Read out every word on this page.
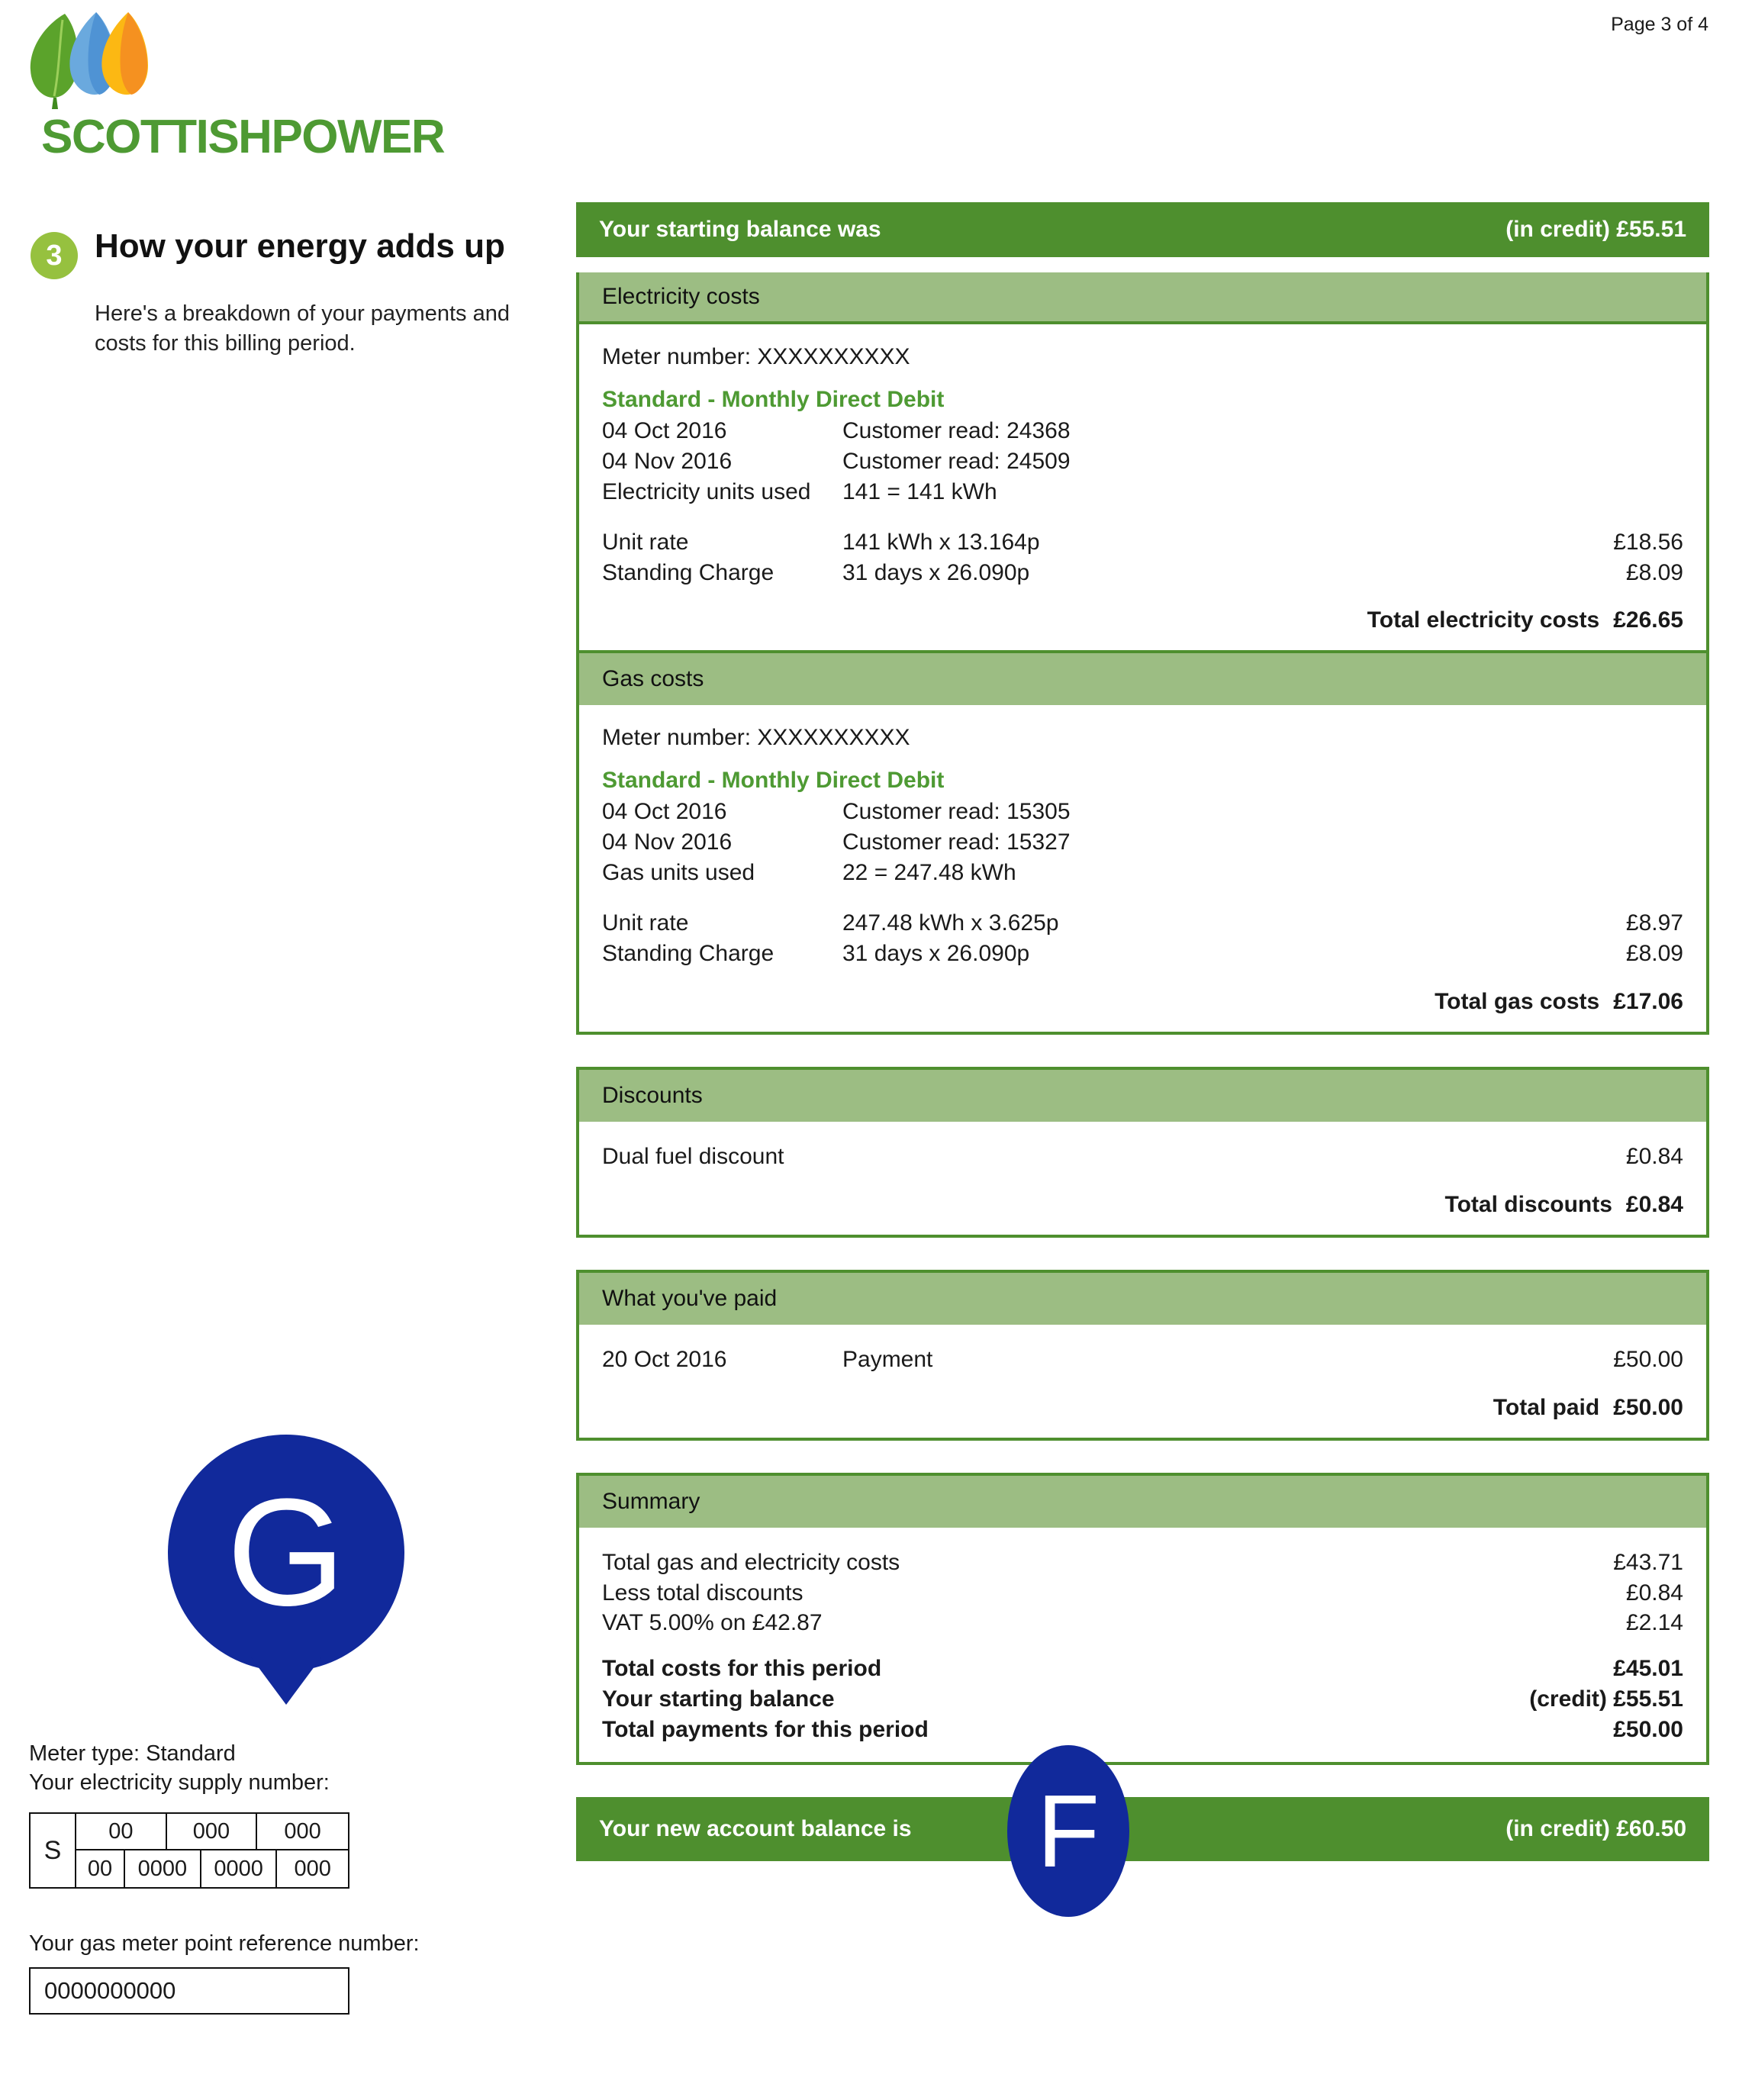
Page 3 of 4
SCOTTISHPOWER
3 How your energy adds up
Here's a breakdown of your payments and costs for this billing period.
G
Meter type: Standard
Your electricity supply number:
S
00	000	000
00	0000	0000	000
Your gas meter point reference number:
0000000000
Your starting balance was	(in credit) £55.51
Electricity costs
Meter number: XXXXXXXXXX
Standard - Monthly Direct Debit
04 Oct 2016	Customer read: 24368
04 Nov 2016	Customer read: 24509
Electricity units used	141 = 141 kWh
Unit rate	141 kWh x 13.164p	£18.56
Standing Charge	31 days x 26.090p	£8.09
Total electricity costs £26.65
Gas costs
Meter number: XXXXXXXXXX
Standard - Monthly Direct Debit
04 Oct 2016	Customer read: 15305
04 Nov 2016	Customer read: 15327
Gas units used	22 = 247.48 kWh
Unit rate	247.48 kWh x 3.625p	£8.97
Standing Charge	31 days x 26.090p	£8.09
Total gas costs £17.06
Discounts
Dual fuel discount	£0.84
Total discounts £0.84
What you've paid
20 Oct 2016	Payment	£50.00
Total paid £50.00
Summary
Total gas and electricity costs	£43.71
Less total discounts	£0.84
VAT 5.00% on £42.87	£2.14
Total costs for this period	£45.01
Your starting balance	(credit) £55.51
Total payments for this period	£50.00
Your new account balance is	(in credit) £60.50
F
